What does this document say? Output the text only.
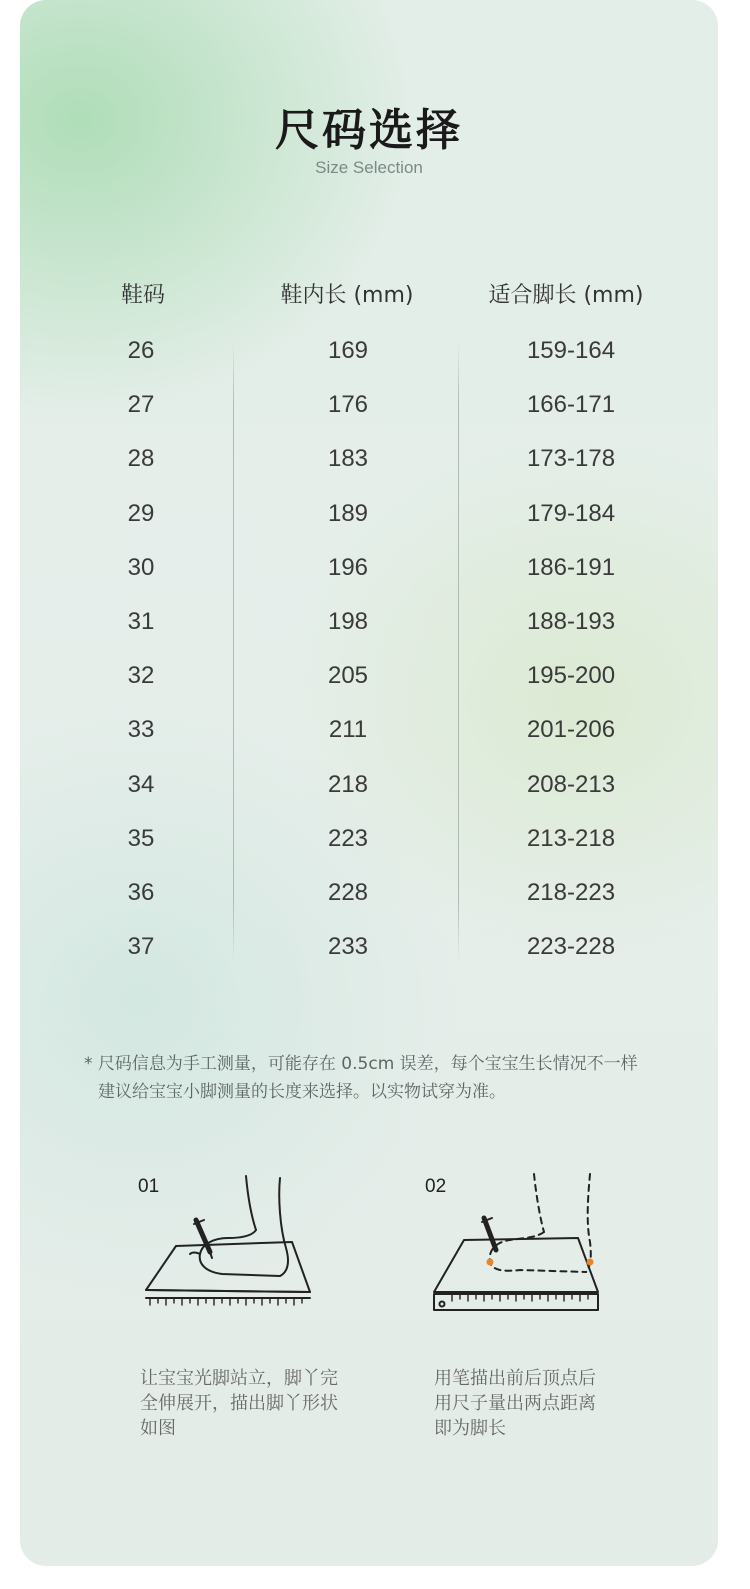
尺码选择
Size Selection
鞋码	鞋内长 (mm)	适合脚长 (mm)
26	169	159-164
27	176	166-171
28	183	173-178
29	189	179-184
30	196	186-191
31	198	188-193
32	205	195-200
33	211	201-206
34	218	208-213
35	223	213-218
36	228	218-223
37	233	223-228
* 尺码信息为手工测量，可能存在 0.5cm 误差，每个宝宝生长情况不一样
建议给宝宝小脚测量的长度来选择。以实物试穿为准。
01
让宝宝光脚站立，脚丫完
全伸展开，描出脚丫形状
如图
02
用笔描出前后顶点后
用尺子量出两点距离
即为脚长
